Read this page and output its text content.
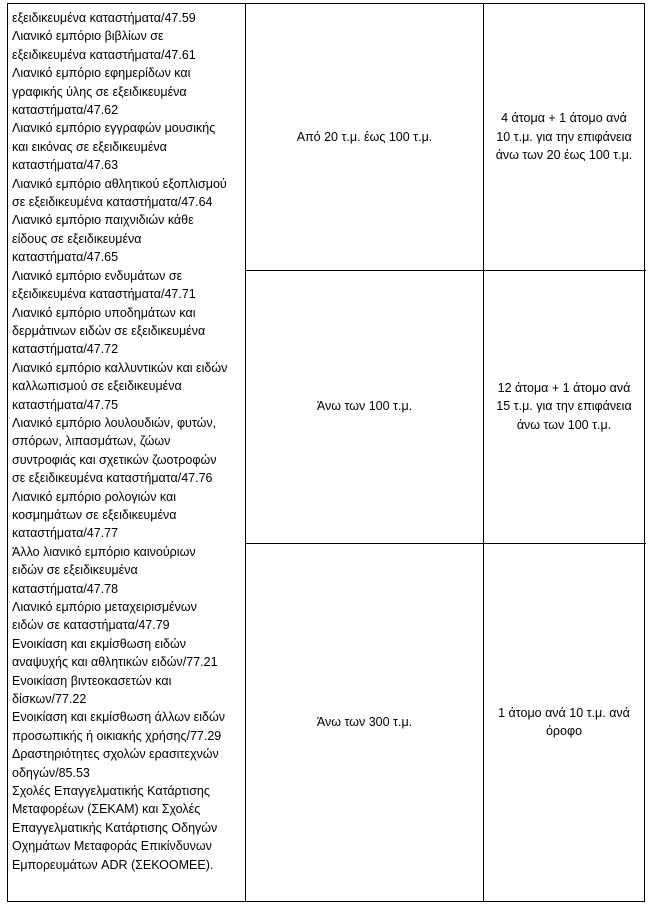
εξειδικευμένα καταστήματα/47.59
Λιανικό εμπόριο βιβλίων σε
εξειδικευμένα καταστήματα/47.61
Λιανικό εμπόριο εφημερίδων και
γραφικής ύλης σε εξειδικευμένα
καταστήματα/47.62
Λιανικό εμπόριο εγγραφών μουσικής
και εικόνας σε εξειδικευμένα
καταστήματα/47.63
Λιανικό εμπόριο αθλητικού εξοπλισμού
σε εξειδικευμένα καταστήματα/47.64
Λιανικό εμπόριο παιχνιδιών κάθε
είδους σε εξειδικευμένα
καταστήματα/47.65
Λιανικό εμπόριο ενδυμάτων σε
εξειδικευμένα καταστήματα/47.71
Λιανικό εμπόριο υποδημάτων και
δερμάτινων ειδών σε εξειδικευμένα
καταστήματα/47.72
Λιανικό εμπόριο καλλυντικών και ειδών
καλλωπισμού σε εξειδικευμένα
καταστήματα/47.75
Λιανικό εμπόριο λουλουδιών, φυτών,
σπόρων, λιπασμάτων, ζώων
συντροφιάς και σχετικών ζωοτροφών
σε εξειδικευμένα καταστήματα/47.76
Λιανικό εμπόριο ρολογιών και
κοσμημάτων σε εξειδικευμένα
καταστήματα/47.77
Άλλο λιανικό εμπόριο καινούριων
ειδών σε εξειδικευμένα
καταστήματα/47.78
Λιανικό εμπόριο μεταχειρισμένων
ειδών σε καταστήματα/47.79
Ενοικίαση και εκμίσθωση ειδών
αναψυχής και αθλητικών ειδών/77.21
Ενοικίαση βιντεοκασετών και
δίσκων/77.22
Ενοικίαση και εκμίσθωση άλλων ειδών
προσωπικής ή οικιακής χρήσης/77.29
Δραστηριότητες σχολών ερασιτεχνών
οδηγών/85.53
Σχολές Επαγγελματικής Κατάρτισης
Μεταφορέων (ΣΕΚΑΜ) και Σχολές
Επαγγελματικής Κατάρτισης Οδηγών
Οχημάτων Μεταφοράς Επικίνδυνων
Εμπορευμάτων ADR (ΣΕΚΟΟΜΕΕ).
Από 20 τ.μ. έως 100 τ.μ.
Άνω των 100 τ.μ.
Άνω των 300 τ.μ.
4 άτομα + 1 άτομο ανά 10 τ.μ. για την επιφάνεια άνω των 20 έως 100 τ.μ.
12 άτομα + 1 άτομο ανά 15 τ.μ. για την επιφάνεια άνω των 100 τ.μ.
1 άτομο ανά 10 τ.μ. ανά όροφο
